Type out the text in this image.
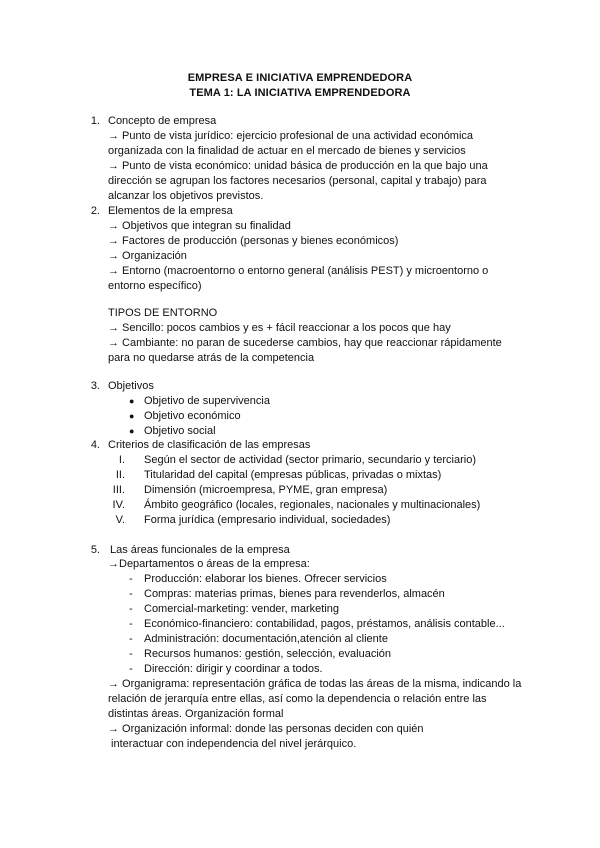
EMPRESA E INICIATIVA EMPRENDEDORA
TEMA 1: LA INICIATIVA EMPRENDEDORA
1. Concepto de empresa
→ Punto de vista jurídico: ejercicio profesional de una actividad económica
organizada con la finalidad de actuar en el mercado de bienes y servicios
→ Punto de vista económico: unidad básica de producción en la que bajo una
dirección se agrupan los factores necesarios (personal, capital y trabajo) para
alcanzar los objetivos previstos.
2. Elementos de la empresa
→ Objetivos que integran su finalidad
→ Factores de producción (personas y bienes económicos)
→ Organización
→ Entorno (macroentorno o entorno general (análisis PEST) y microentorno o
entorno específico)
TIPOS DE ENTORNO
→ Sencillo: pocos cambios y es + fácil reaccionar a los pocos que hay
→ Cambiante: no paran de sucederse cambios, hay que reaccionar rápidamente
para no quedarse atrás de la competencia
3. Objetivos
● Objetivo de supervivencia
● Objetivo económico
● Objetivo social
4. Criterios de clasificación de las empresas
I. Según el sector de actividad (sector primario, secundario y terciario)
II. Titularidad del capital (empresas públicas, privadas o mixtas)
III. Dimensión (microempresa, PYME, gran empresa)
IV. Ámbito geográfico (locales, regionales, nacionales y multinacionales)
V. Forma jurídica (empresario individual, sociedades)
5. Las áreas funcionales de la empresa
→Departamentos o áreas de la empresa:
- Producción: elaborar los bienes. Ofrecer servicios
- Compras: materias primas, bienes para revenderlos, almacén
- Comercial-marketing: vender, marketing
- Económico-financiero: contabilidad, pagos, préstamos, análisis contable...
- Administración: documentación,atención al cliente
- Recursos humanos: gestión, selección, evaluación
- Dirección: dirigir y coordinar a todos.
→ Organigrama: representación gráfica de todas las áreas de la misma, indicando la
relación de jerarquía entre ellas, así como la dependencia o relación entre las
distintas áreas. Organización formal
→ Organización informal: donde las personas deciden con quién
interactuar con independencia del nivel jerárquico.
